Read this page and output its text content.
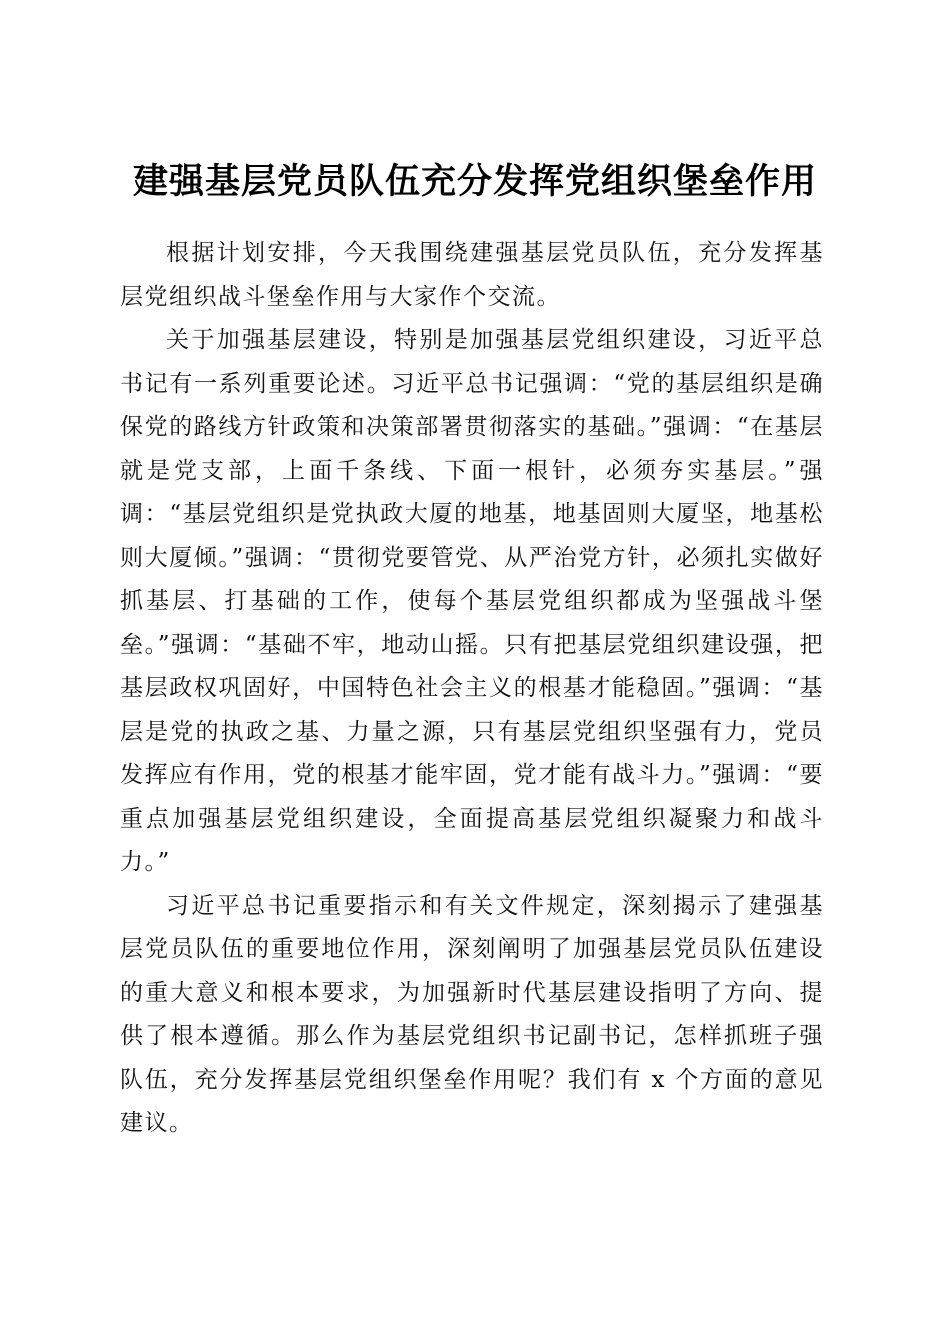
建强基层党员队伍充分发挥党组织堡垒作用

根据计划安排，今天我围绕建强基层党员队伍，充分发挥基层党组织战斗堡垒作用与大家作个交流。

关于加强基层建设，特别是加强基层党组织建设，习近平总书记有一系列重要论述。习近平总书记强调：“党的基层组织是确保党的路线方针政策和决策部署贯彻落实的基础。”强调：“在基层就是党支部，上面千条线、下面一根针，必须夯实基层。”强调：“基层党组织是党执政大厦的地基，地基固则大厦坚，地基松则大厦倾。”强调：“贯彻党要管党、从严治党方针，必须扎实做好抓基层、打基础的工作，使每个基层党组织都成为坚强战斗堡垒。”强调：“基础不牢，地动山摇。只有把基层党组织建设强，把基层政权巩固好，中国特色社会主义的根基才能稳固。”强调：“基层是党的执政之基、力量之源，只有基层党组织坚强有力，党员发挥应有作用，党的根基才能牢固，党才能有战斗力。”强调：“要重点加强基层党组织建设，全面提高基层党组织凝聚力和战斗力。”

习近平总书记重要指示和有关文件规定，深刻揭示了建强基层党员队伍的重要地位作用，深刻阐明了加强基层党员队伍建设的重大意义和根本要求，为加强新时代基层建设指明了方向、提供了根本遵循。那么作为基层党组织书记副书记，怎样抓班子强队伍，充分发挥基层党组织堡垒作用呢？我们有 x 个方面的意见建议。
